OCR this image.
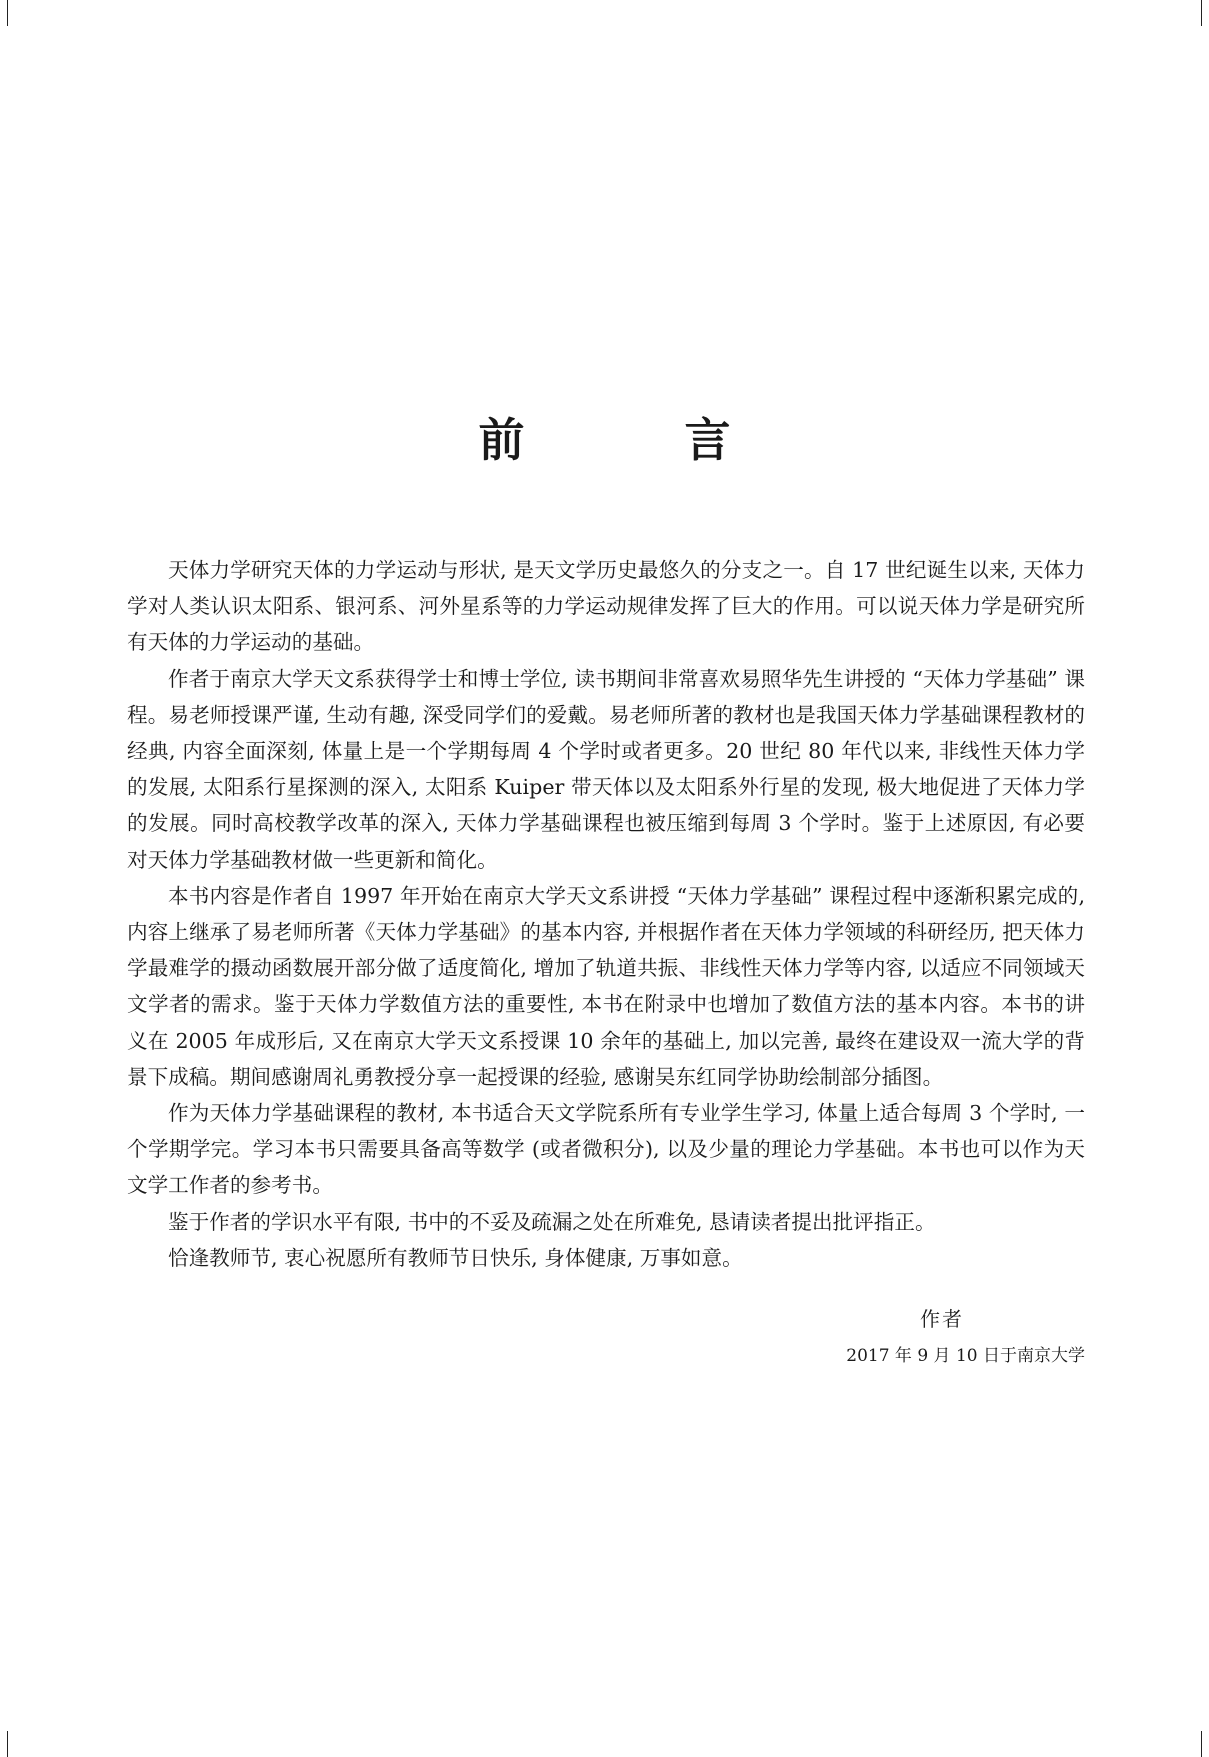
前 言

天体力学研究天体的力学运动与形状, 是天文学历史最悠久的分支之一。自 17 世纪诞生以来, 天体力学对人类认识太阳系、银河系、河外星系等的力学运动规律发挥了巨大的作用。可以说天体力学是研究所有天体的力学运动的基础。

作者于南京大学天文系获得学士和博士学位, 读书期间非常喜欢易照华先生讲授的 “天体力学基础” 课程。易老师授课严谨, 生动有趣, 深受同学们的爱戴。易老师所著的教材也是我国天体力学基础课程教材的经典, 内容全面深刻, 体量上是一个学期每周 4 个学时或者更多。20 世纪 80 年代以来, 非线性天体力学的发展, 太阳系行星探测的深入, 太阳系 Kuiper 带天体以及太阳系外行星的发现, 极大地促进了天体力学的发展。同时高校教学改革的深入, 天体力学基础课程也被压缩到每周 3 个学时。鉴于上述原因, 有必要对天体力学基础教材做一些更新和简化。

本书内容是作者自 1997 年开始在南京大学天文系讲授 “天体力学基础” 课程过程中逐渐积累完成的, 内容上继承了易老师所著《天体力学基础》的基本内容, 并根据作者在天体力学领域的科研经历, 把天体力学最难学的摄动函数展开部分做了适度简化, 增加了轨道共振、非线性天体力学等内容, 以适应不同领域天文学者的需求。鉴于天体力学数值方法的重要性, 本书在附录中也增加了数值方法的基本内容。本书的讲义在 2005 年成形后, 又在南京大学天文系授课 10 余年的基础上, 加以完善, 最终在建设双一流大学的背景下成稿。期间感谢周礼勇教授分享一起授课的经验, 感谢吴东红同学协助绘制部分插图。

作为天体力学基础课程的教材, 本书适合天文学院系所有专业学生学习, 体量上适合每周 3 个学时, 一个学期学完。学习本书只需要具备高等数学 (或者微积分), 以及少量的理论力学基础。本书也可以作为天文学工作者的参考书。

鉴于作者的学识水平有限, 书中的不妥及疏漏之处在所难免, 恳请读者提出批评指正。

恰逢教师节, 衷心祝愿所有教师节日快乐, 身体健康, 万事如意。

作者
2017 年 9 月 10 日于南京大学
